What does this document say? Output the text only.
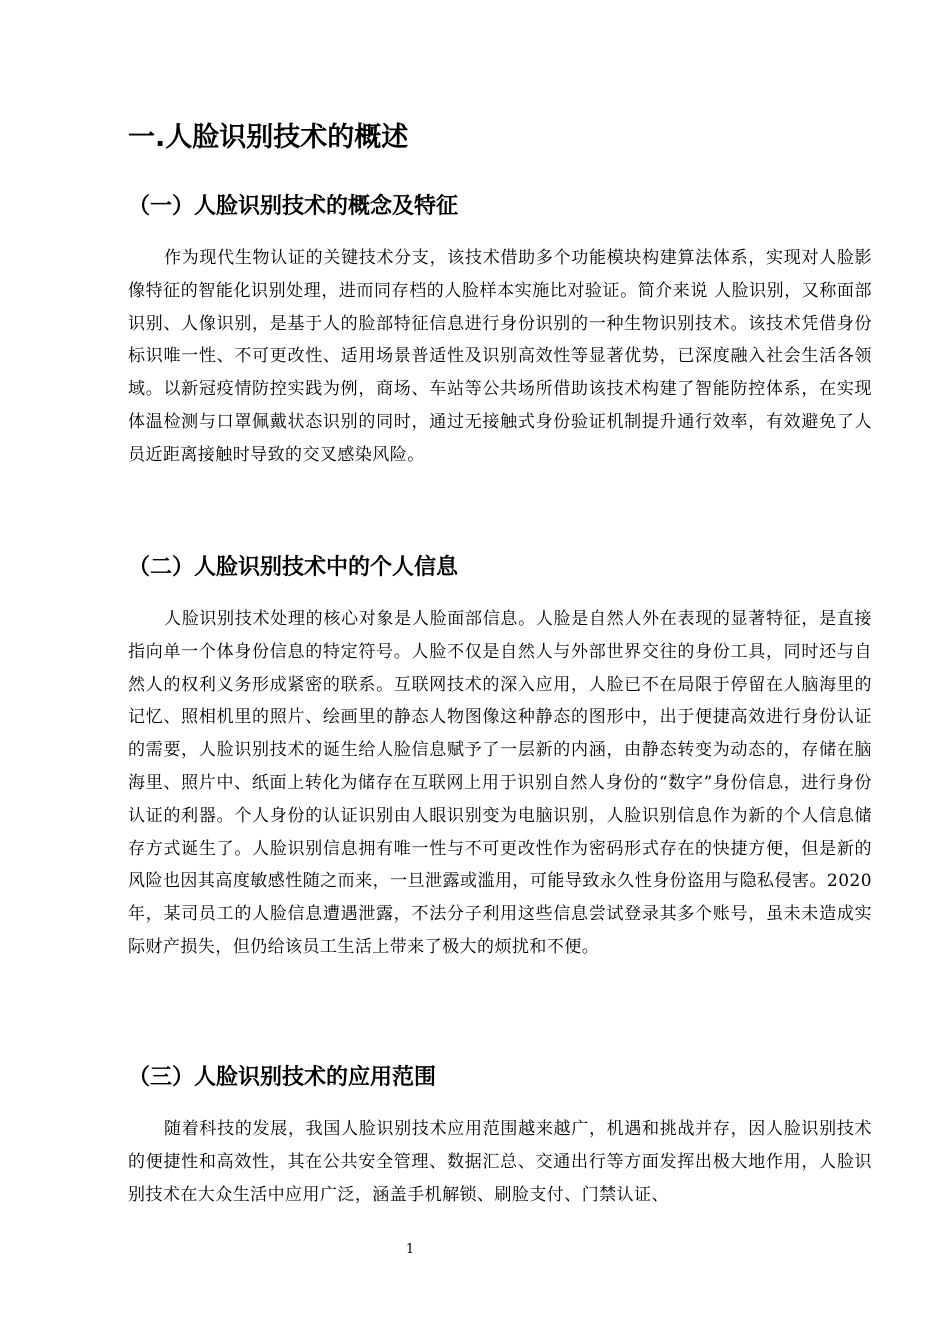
一.人脸识别技术的概述
（一）人脸识别技术的概念及特征

作为现代生物认证的关键技术分支，该技术借助多个功能模块构建算法体系，实现对人脸影像特征的智能化识别处理，进而同存档的人脸样本实施比对验证。简介来说 人脸识别，又称面部识别、人像识别，是基于人的脸部特征信息进行身份识别的一种生物识别技术。该技术凭借身份标识唯一性、不可更改性、适用场景普适性及识别高效性等显著优势，已深度融入社会生活各领域。以新冠疫情防控实践为例，商场、车站等公共场所借助该技术构建了智能防控体系，在实现体温检测与口罩佩戴状态识别的同时，通过无接触式身份验证机制提升通行效率，有效避免了人员近距离接触时导致的交叉感染风险。

（二）人脸识别技术中的个人信息

人脸识别技术处理的核心对象是人脸面部信息。人脸是自然人外在表现的显著特征，是直接指向单一个体身份信息的特定符号。人脸不仅是自然人与外部世界交往的身份工具，同时还与自然人的权利义务形成紧密的联系。互联网技术的深入应用，人脸已不在局限于停留在人脑海里的记忆、照相机里的照片、绘画里的静态人物图像这种静态的图形中，出于便捷高效进行身份认证的需要，人脸识别技术的诞生给人脸信息赋予了一层新的内涵，由静态转变为动态的，存储在脑海里、照片中、纸面上转化为储存在互联网上用于识别自然人身份的“数字”身份信息，进行身份认证的利器。个人身份的认证识别由人眼识别变为电脑识别，人脸识别信息作为新的个人信息储存方式诞生了。人脸识别信息拥有唯一性与不可更改性作为密码形式存在的快捷方便，但是新的风险也因其高度敏感性随之而来，一旦泄露或滥用，可能导致永久性身份盗用与隐私侵害。2020 年，某司员工的人脸信息遭遇泄露，不法分子利用这些信息尝试登录其多个账号，虽未未造成实际财产损失，但仍给该员工生活上带来了极大的烦扰和不便。

（三）人脸识别技术的应用范围

随着科技的发展，我国人脸识别技术应用范围越来越广，机遇和挑战并存，因人脸识别技术的便捷性和高效性，其在公共安全管理、数据汇总、交通出行等方面发挥出极大地作用，人脸识别技术在大众生活中应用广泛，涵盖手机解锁、刷脸支付、门禁认证、

1
